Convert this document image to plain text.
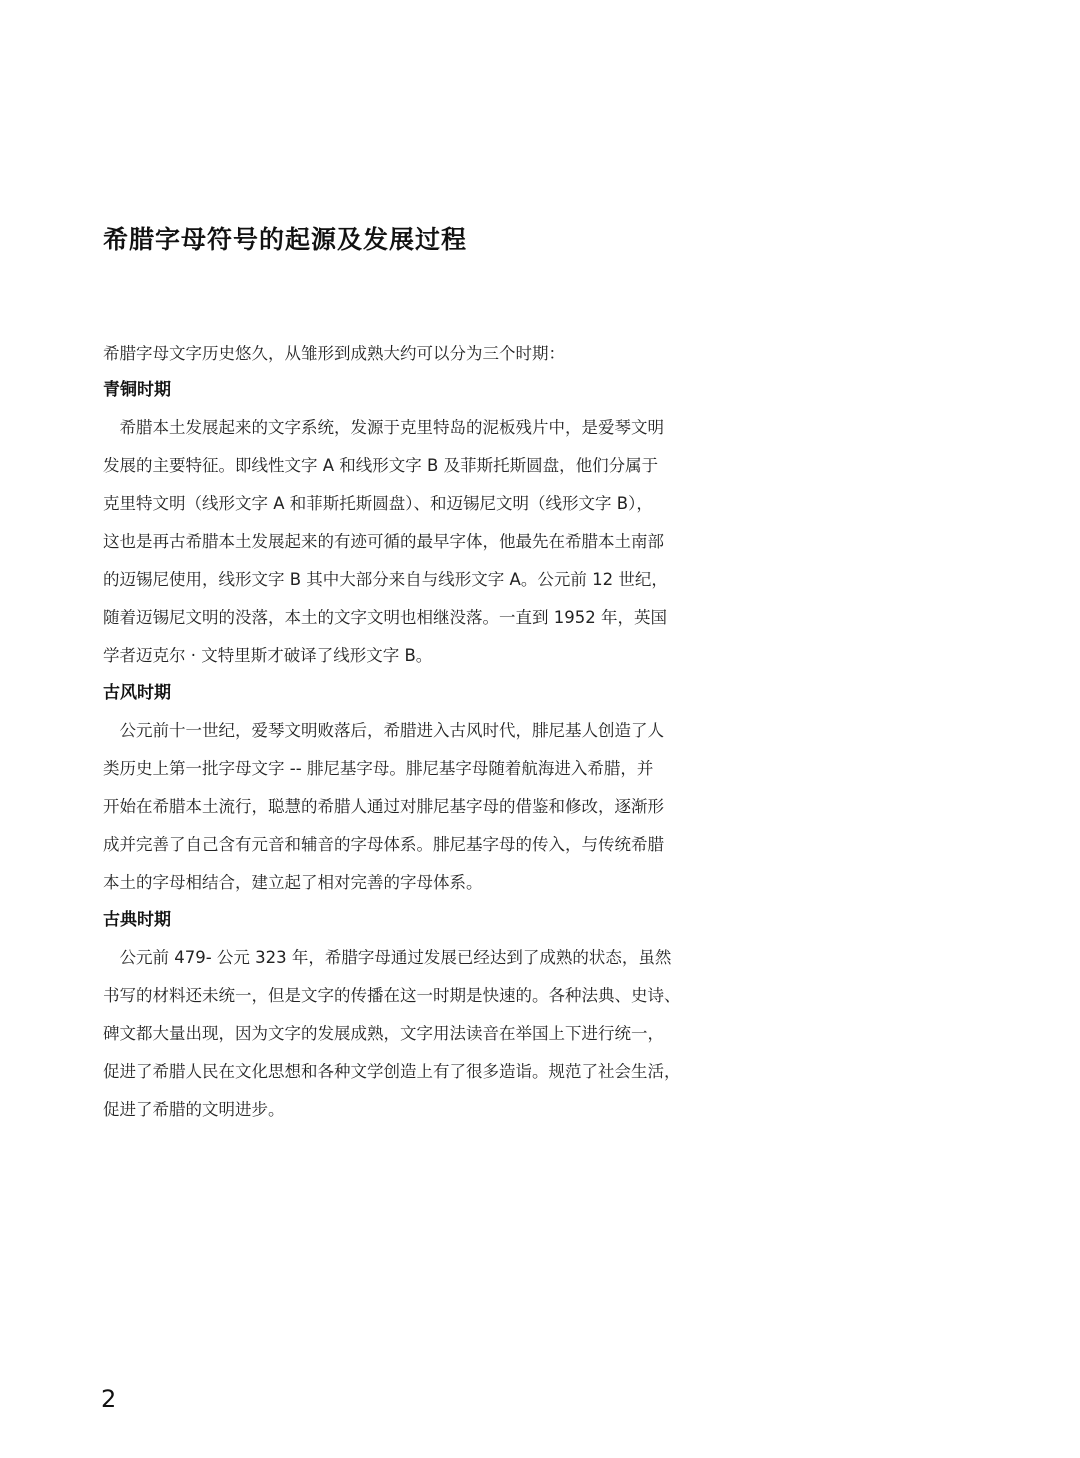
希腊字母符号的起源及发展过程

希腊字母文字历史悠久，从雏形到成熟大约可以分为三个时期：

青铜时期

　希腊本土发展起来的文字系统，发源于克里特岛的泥板残片中，是爱琴文明
发展的主要特征。即线性文字 A 和线形文字 B 及菲斯托斯圆盘，他们分属于
克里特文明（线形文字 A 和菲斯托斯圆盘）、和迈锡尼文明（线形文字 B），
这也是再古希腊本土发展起来的有迹可循的最早字体，他最先在希腊本土南部
的迈锡尼使用，线形文字 B 其中大部分来自与线形文字 A。公元前 12 世纪，
随着迈锡尼文明的没落，本土的文字文明也相继没落。一直到 1952 年，英国
学者迈克尔 · 文特里斯才破译了线形文字 B。

古风时期

　公元前十一世纪，爱琴文明败落后，希腊进入古风时代，腓尼基人创造了人
类历史上第一批字母文字 -- 腓尼基字母。腓尼基字母随着航海进入希腊，并
开始在希腊本土流行，聪慧的希腊人通过对腓尼基字母的借鉴和修改，逐渐形
成并完善了自己含有元音和辅音的字母体系。腓尼基字母的传入，与传统希腊
本土的字母相结合，建立起了相对完善的字母体系。

古典时期

　公元前 479- 公元 323 年，希腊字母通过发展已经达到了成熟的状态，虽然
书写的材料还未统一，但是文字的传播在这一时期是快速的。各种法典、史诗、
碑文都大量出现，因为文字的发展成熟，文字用法读音在举国上下进行统一，
促进了希腊人民在文化思想和各种文学创造上有了很多造诣。规范了社会生活，
促进了希腊的文明进步。

2
